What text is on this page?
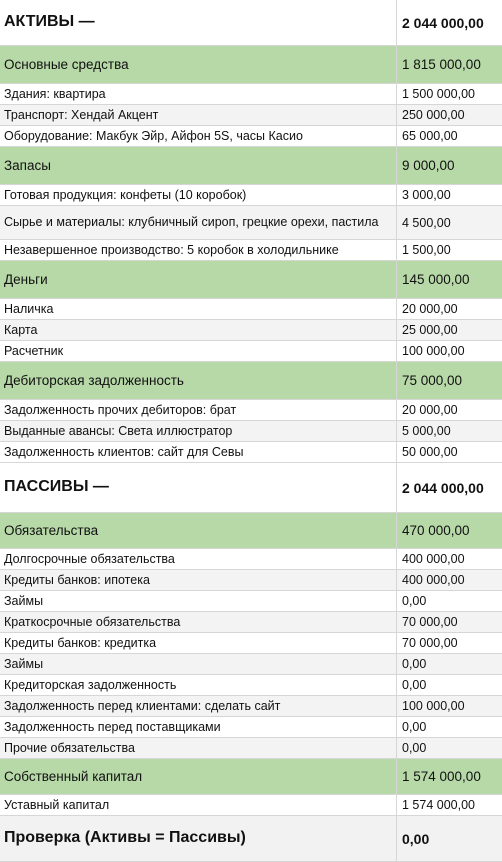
АКТИВЫ —	2 044 000,00
Основные средства	1 815 000,00
Здания: квартира	1 500 000,00
Транспорт: Хендай Акцент	250 000,00
Оборудование: Макбук Эйр, Айфон 5S, часы Касио	65 000,00
Запасы	9 000,00
Готовая продукция: конфеты (10 коробок)	3 000,00
Сырье и материалы: клубничный сироп, грецкие орехи, пастила	4 500,00
Незавершенное производство: 5 коробок в холодильнике	1 500,00
Деньги	145 000,00
Наличка	20 000,00
Карта	25 000,00
Расчетник	100 000,00
Дебиторская задолженность	75 000,00
Задолженность прочих дебиторов: брат	20 000,00
Выданные авансы: Света иллюстратор	5 000,00
Задолженность клиентов: сайт для Севы	50 000,00
ПАССИВЫ —	2 044 000,00
Обязательства	470 000,00
Долгосрочные обязательства	400 000,00
Кредиты банков: ипотека	400 000,00
Займы	0,00
Краткосрочные обязательства	70 000,00
Кредиты банков: кредитка	70 000,00
Займы	0,00
Кредиторская задолженность	0,00
Задолженность перед клиентами: сделать сайт	100 000,00
Задолженность перед поставщиками	0,00
Прочие обязательства	0,00
Собственный капитал	1 574 000,00
Уставный капитал	1 574 000,00
Проверка (Активы = Пассивы)	0,00
